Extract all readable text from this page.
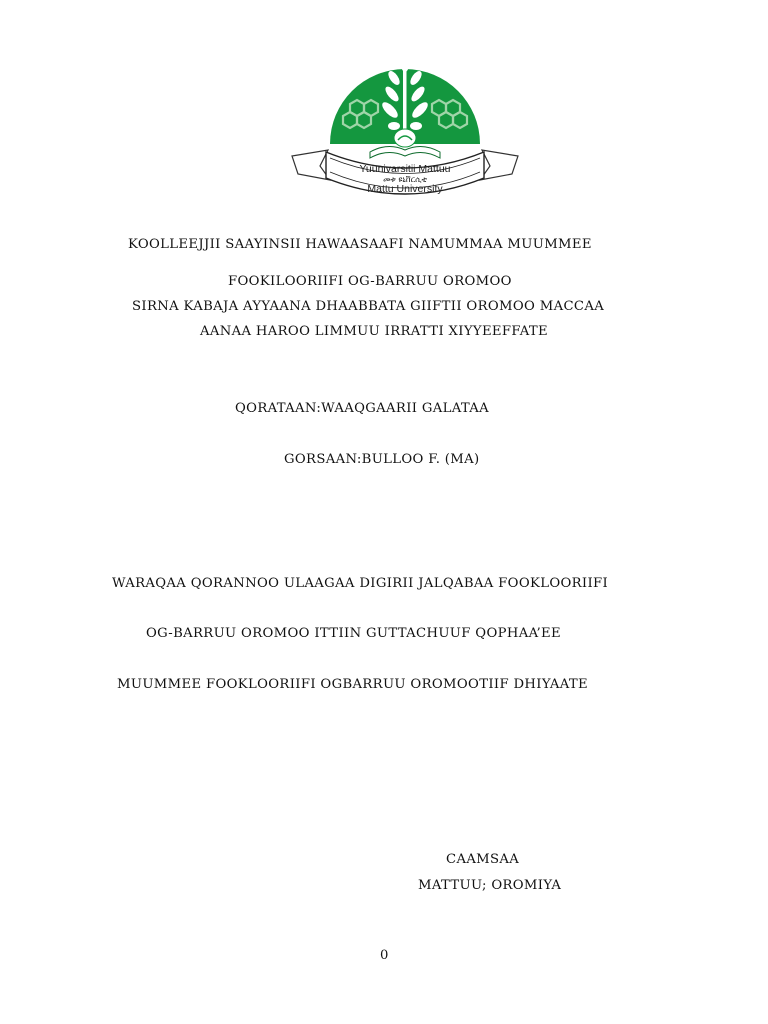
Yuunivarsitii Mattuu
መቱ ዩኒቨርሲቲ
Mattu University
KOOLLEEJJII SAAYINSII HAWAASAAFI NAMUMMAA MUUMMEE
FOOKILOORIIFI OG-BARRUU OROMOO
SIRNA KABAJA AYYAANA DHAABBATA GIIFTII OROMOO MACCAA
AANAA HAROO LIMMUU IRRATTI XIYYEEFFATE
QORATAAN:WAAQGAARII GALATAA
GORSAAN:BULLOO F. (MA)
WARAQAA QORANNOO ULAAGAA DIGIRII JALQABAA FOOKLOORIIFI
OG-BARRUU OROMOO ITTIIN GUTTACHUUF QOPHAA’EE
MUUMMEE FOOKLOORIIFI OGBARRUU OROMOOTIIF DHIYAATE
CAAMSAA
MATTUU; OROMIYA
0
